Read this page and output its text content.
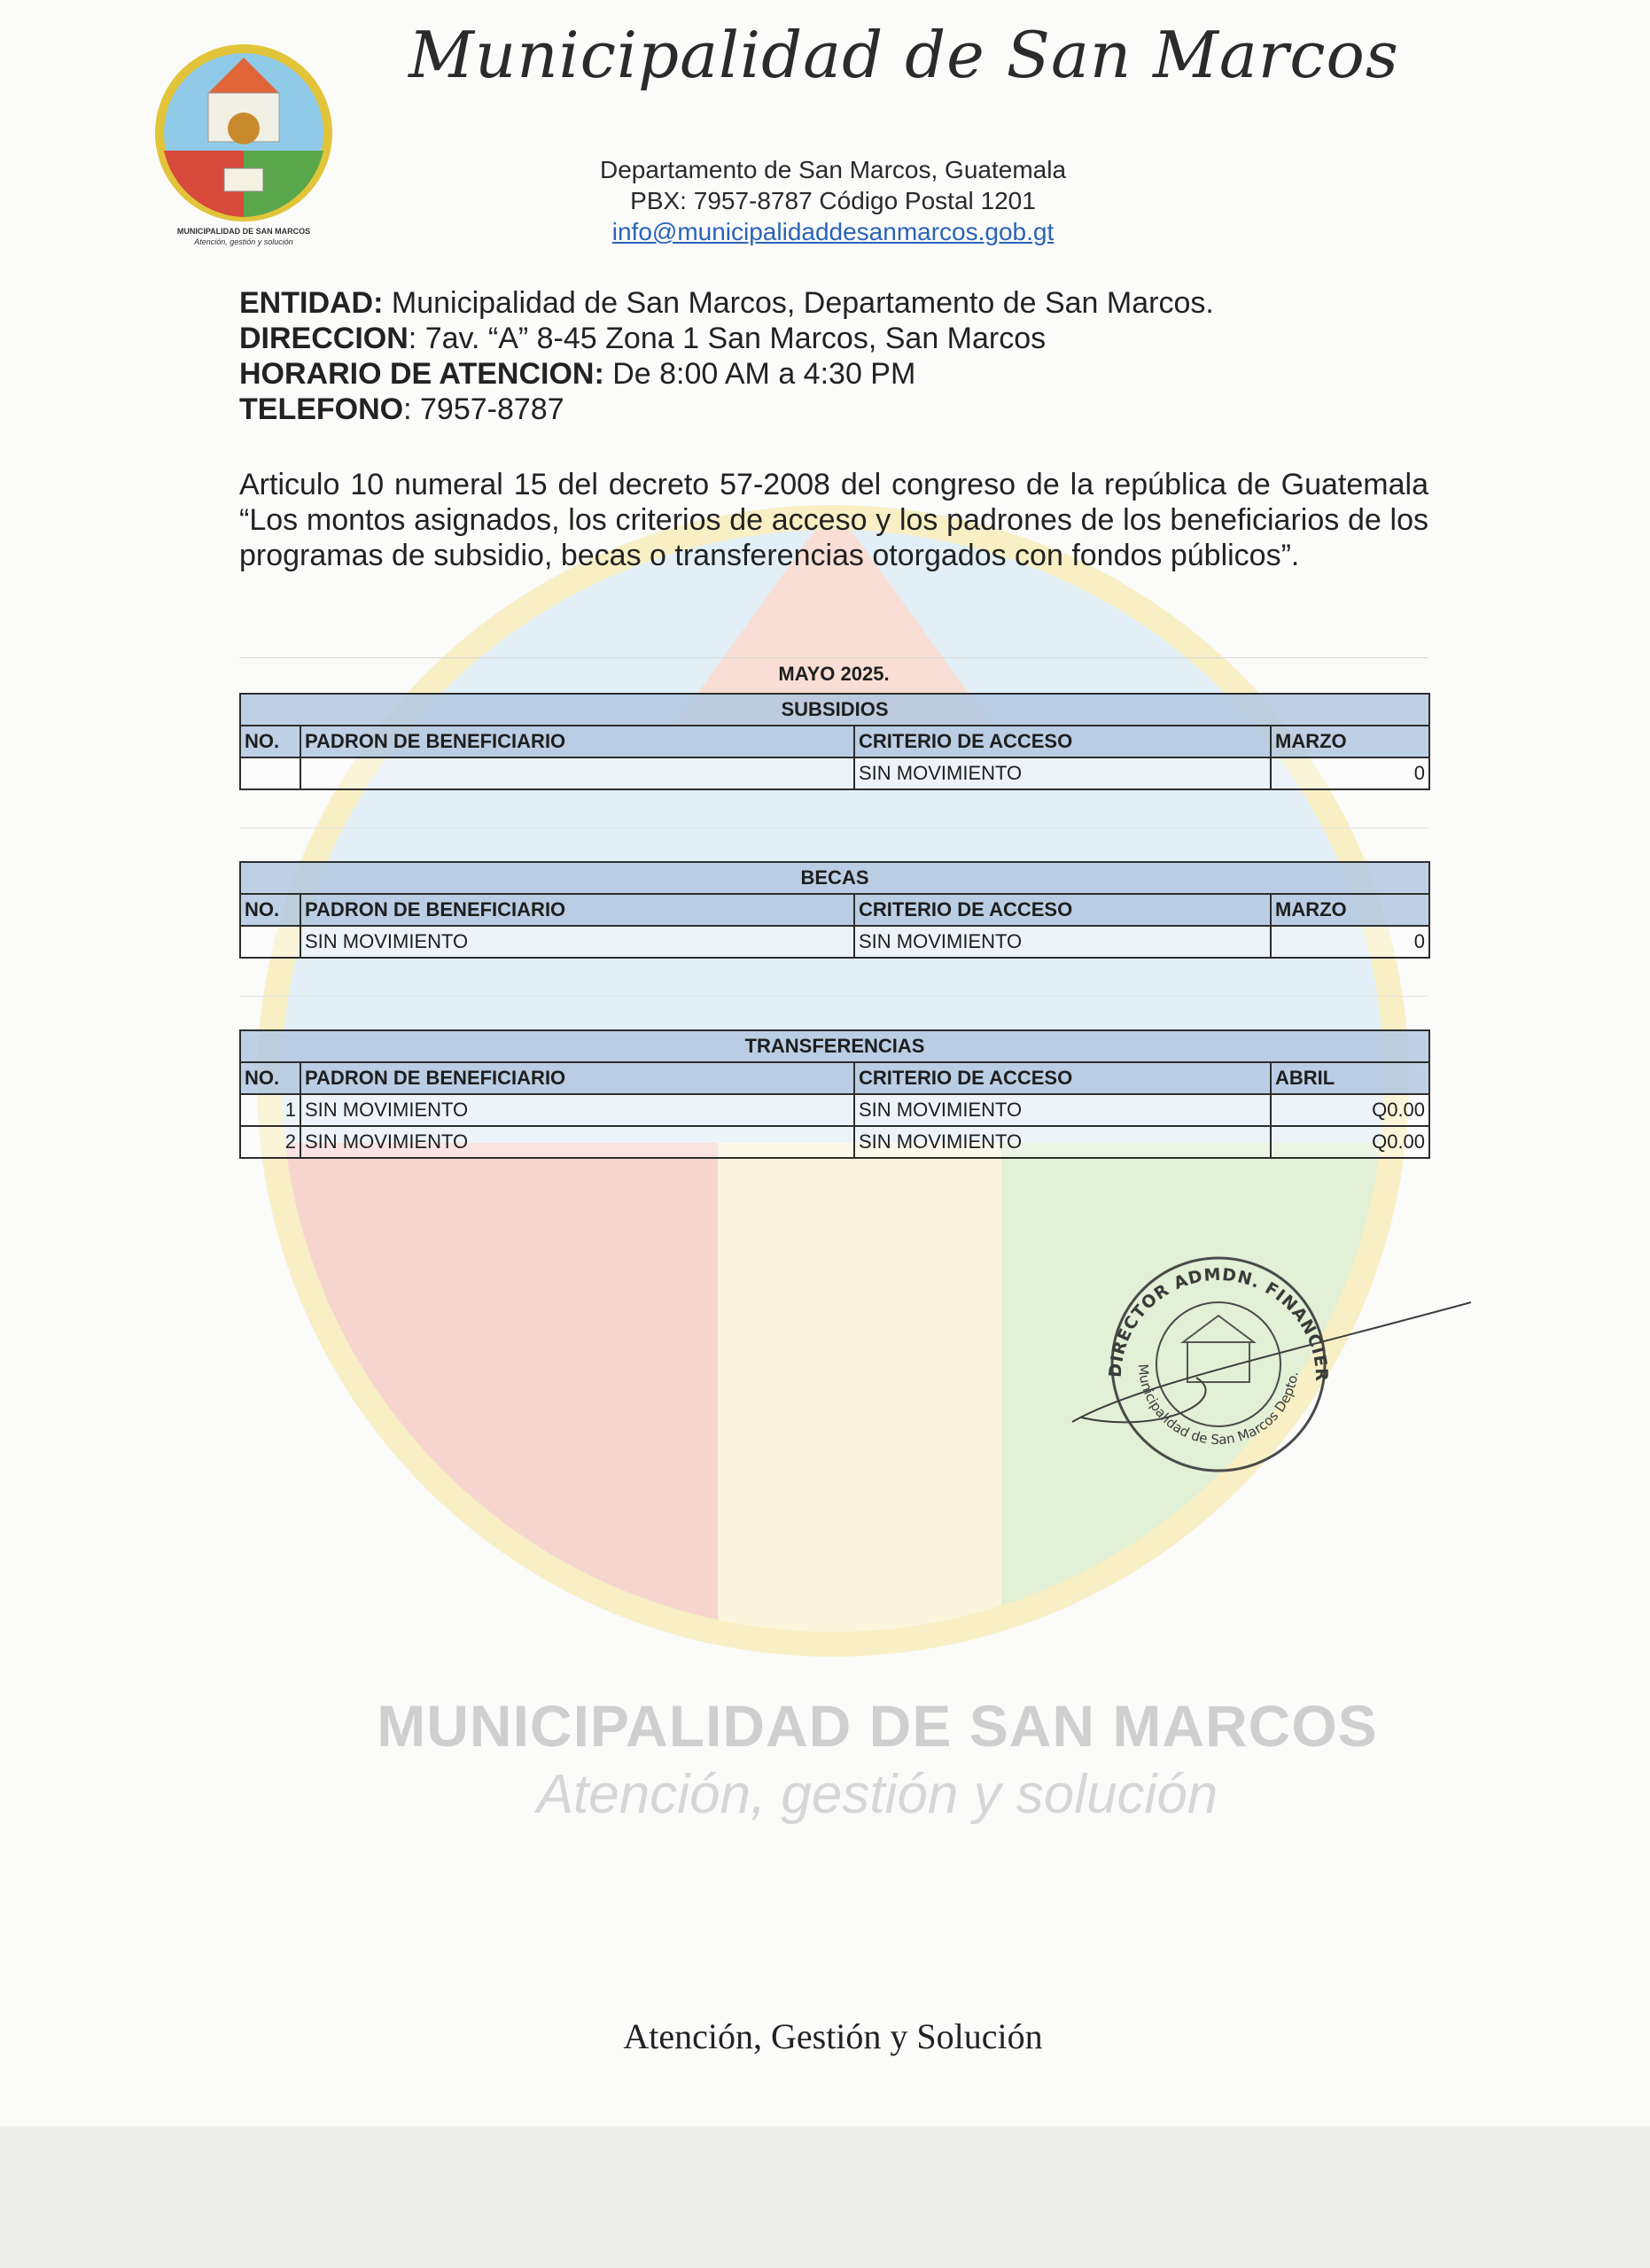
MUNICIPALIDAD DE SAN MARCOS
Atención, gestión y solución
MUNICIPALIDAD DE SAN MARCOS
Atención, gestión y solución
Municipalidad de San Marcos
Departamento de San Marcos, Guatemala
PBX: 7957-8787 Código Postal 1201
info@municipalidaddesanmarcos.gob.gt
ENTIDAD: Municipalidad de San Marcos, Departamento de San Marcos.
DIRECCION: 7av. “A” 8-45 Zona 1 San Marcos, San Marcos
HORARIO DE ATENCION: De 8:00 AM a 4:30 PM
TELEFONO: 7957-8787
Articulo 10 numeral 15 del decreto 57-2008 del congreso de la república de Guatemala “Los montos asignados, los criterios de acceso y los padrones de los beneficiarios de los programas de subsidio, becas o transferencias otorgados con fondos públicos”.
MAYO 2025.
SUBSIDIOS			
NO.	PADRON DE BENEFICIARIO	CRITERIO DE ACCESO	MARZO
		SIN MOVIMIENTO	0
BECAS			
NO.	PADRON DE BENEFICIARIO	CRITERIO DE ACCESO	MARZO
	SIN MOVIMIENTO	SIN MOVIMIENTO	0
TRANSFERENCIAS			
NO.	PADRON DE BENEFICIARIO	CRITERIO DE ACCESO	ABRIL
1	SIN MOVIMIENTO	SIN MOVIMIENTO	Q0.00
2	SIN MOVIMIENTO	SIN MOVIMIENTO	Q0.00
DIRECTOR ADMDN. FINANCIER
Municipalidad de San Marcos Depto.
Atención, Gestión y Solución
